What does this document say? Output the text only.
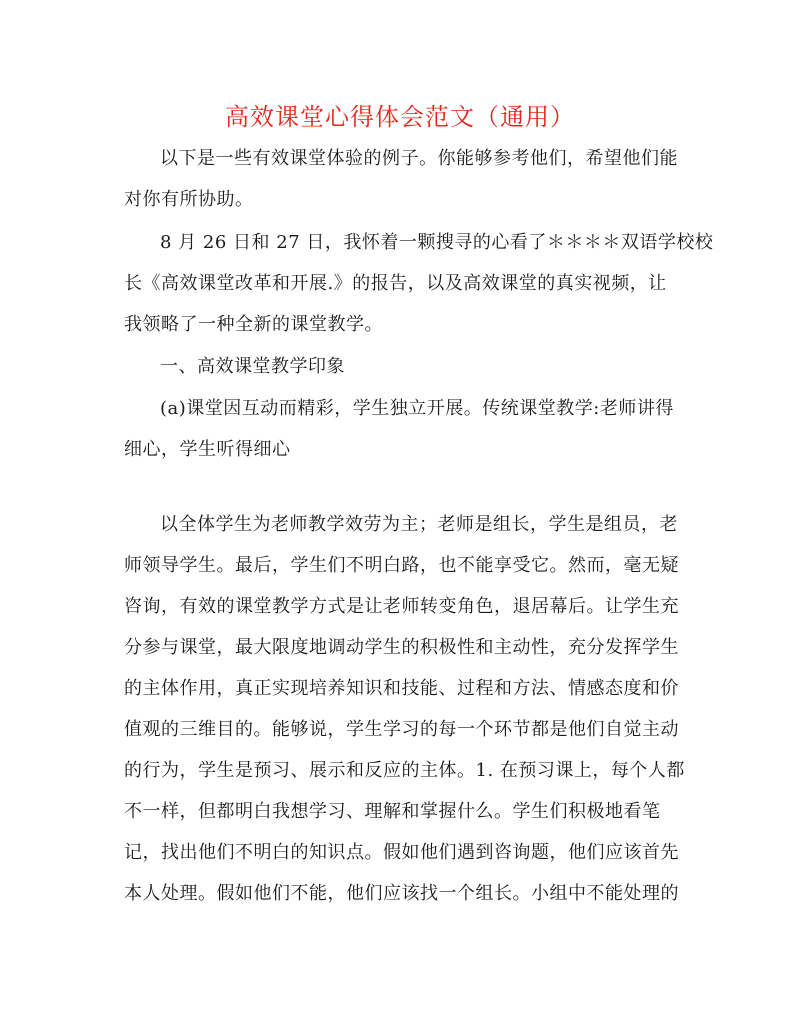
高效课堂心得体会范文（通用）
以下是一些有效课堂体验的例子。你能够参考他们，希望他们能
对你有所协助。
8 月 26 日和 27 日，我怀着一颗搜寻的心看了＊＊＊＊双语学校校
长《高效课堂改革和开展.》的报告，以及高效课堂的真实视频，让
我领略了一种全新的课堂教学。
一、高效课堂教学印象
(a)课堂因互动而精彩，学生独立开展。传统课堂教学:老师讲得
细心，学生听得细心
以全体学生为老师教学效劳为主；老师是组长，学生是组员，老
师领导学生。最后，学生们不明白路，也不能享受它。然而，毫无疑
咨询，有效的课堂教学方式是让老师转变角色，退居幕后。让学生充
分参与课堂，最大限度地调动学生的积极性和主动性，充分发挥学生
的主体作用，真正实现培养知识和技能、过程和方法、情感态度和价
值观的三维目的。能够说，学生学习的每一个环节都是他们自觉主动
的行为，学生是预习、展示和反应的主体。1. 在预习课上，每个人都
不一样，但都明白我想学习、理解和掌握什么。学生们积极地看笔
记，找出他们不明白的知识点。假如他们遇到咨询题，他们应该首先
本人处理。假如他们不能，他们应该找一个组长。小组中不能处理的
